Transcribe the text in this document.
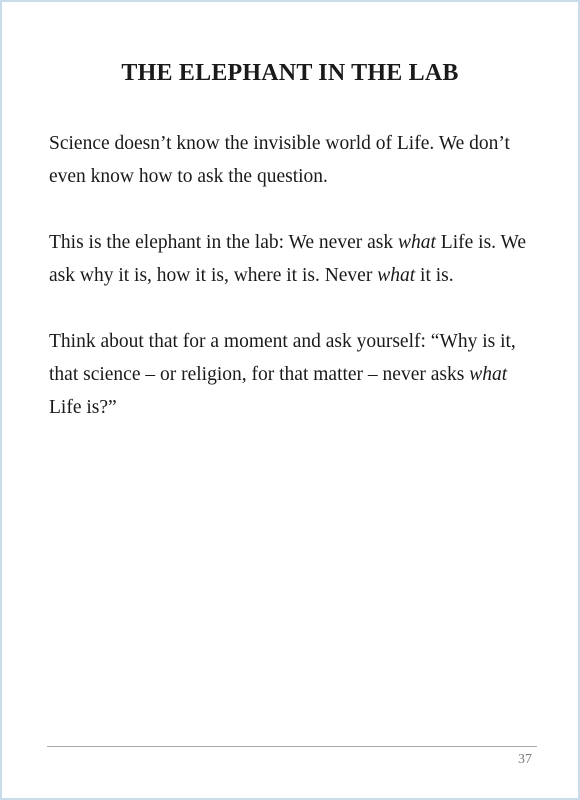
THE ELEPHANT IN THE LAB

Science doesn’t know the invisible world of Life. We don’t even know how to ask the question.

This is the elephant in the lab: We never ask what Life is. We ask why it is, how it is, where it is. Never what it is.

Think about that for a moment and ask yourself: “Why is it, that science – or religion, for that matter – never asks what Life is?”

37
